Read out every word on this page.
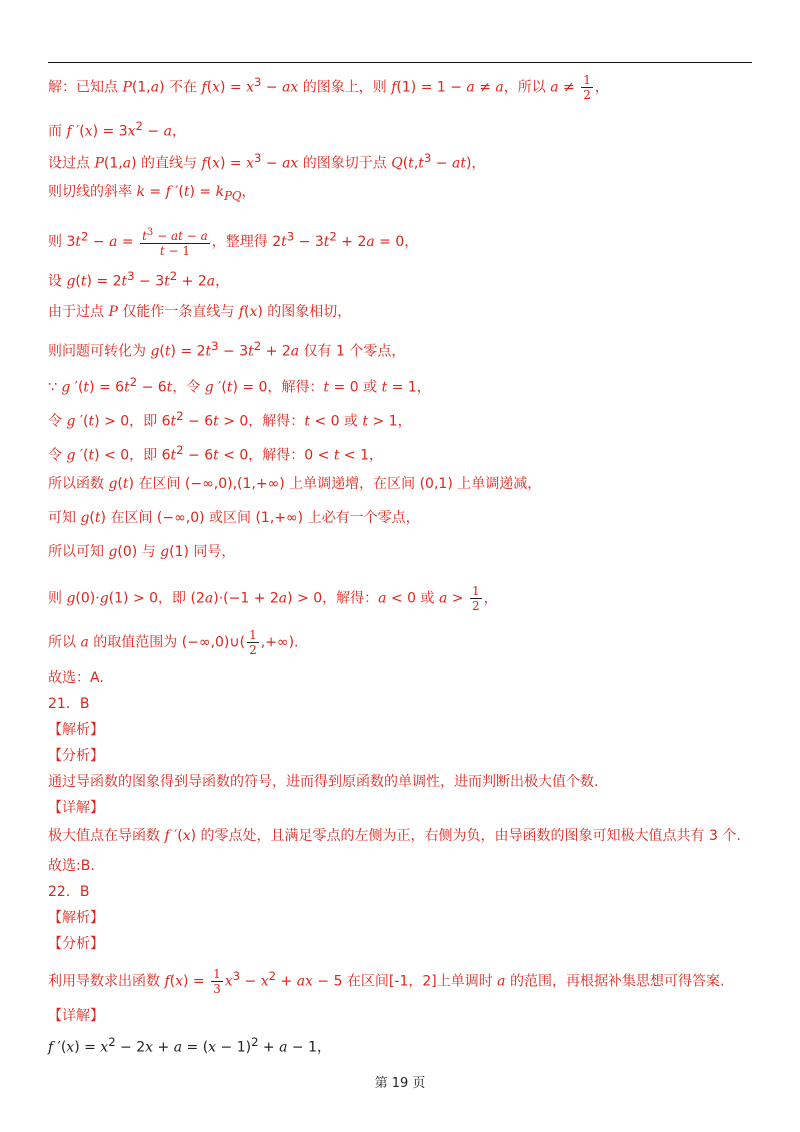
解：已知点 P(1,a) 不在 $f(x) = x^3$ − ax 的图象上，则 f(1) = 1 − a ≠ a，所以 $a \ne \frac{1}{2}$ ，
而 f $'(x) = 3x^2 - a$，
设过点 P(1,a) 的直线与 $f(x) = x^3$ − ax 的图象切于点 $Q(t,t^3 - at)$，
则切线的斜率 k = f $'(t) = k_{PQ}$，
则 $3t^2 - a = \frac{t^3 - at - a}{t - 1}$ ，整理得 $2t^3 - 3t^2 + 2a = 0$，
设 $g(t) = 2t^3 - 3t^2 + 2a$，
由于过点 P 仅能作一条直线与 f(x) 的图象相切，
则问题可转化为 $g(t) = 2t^3 - 3t^2 + 2a$ 仅有 1 个零点，
∵ g $'(t) = 6t^2 - 6t$，令 g ′(t) = 0，解得：t = 0 或 t = 1，
令 g ′(t) > 0，即 $6t^2 - 6t > 0$，解得：t < 0 或 t > 1，
令 g ′(t) < 0，即 $6t^2 - 6t < 0$，解得：0 < t < 1，
所以函数 g(t) 在区间 (−∞,0),(1,+∞) 上单调递增，在区间 (0,1) 上单调递减，
可知 g(t) 在区间 (−∞,0) 或区间 (1,+∞) 上必有一个零点，
所以可知 g(0) 与 g(1) 同号，
则 g(0)·g(1) > 0，即 (2a)·(−1 + 2a) > 0，解得：a < 0 或 $a > \frac{1}{2}$ ，
所以 a 的取值范围为 (−∞,0)∪( $\frac{1}{2}$ ,+∞).
故选：A.
21．B
【解析】
【分析】
通过导函数的图象得到导函数的符号，进而得到原函数的单调性，进而判断出极大值个数.
【详解】
极大值点在导函数 f ′(x) 的零点处，且满足零点的左侧为正，右侧为负，由导函数的图象可知极大值点共有 3 个.
故选:B.
22．B
【解析】
【分析】
利用导数求出函数 $f(x) = \frac{1}{3} x^3 - x^2$ + ax − 5 在区间[-1，2]上单调时 a 的范围，再根据补集思想可得答案.
【详解】
f $'(x) = x^2 - 2x + a = (x - 1)^2 + a - 1$，
第 19 页
